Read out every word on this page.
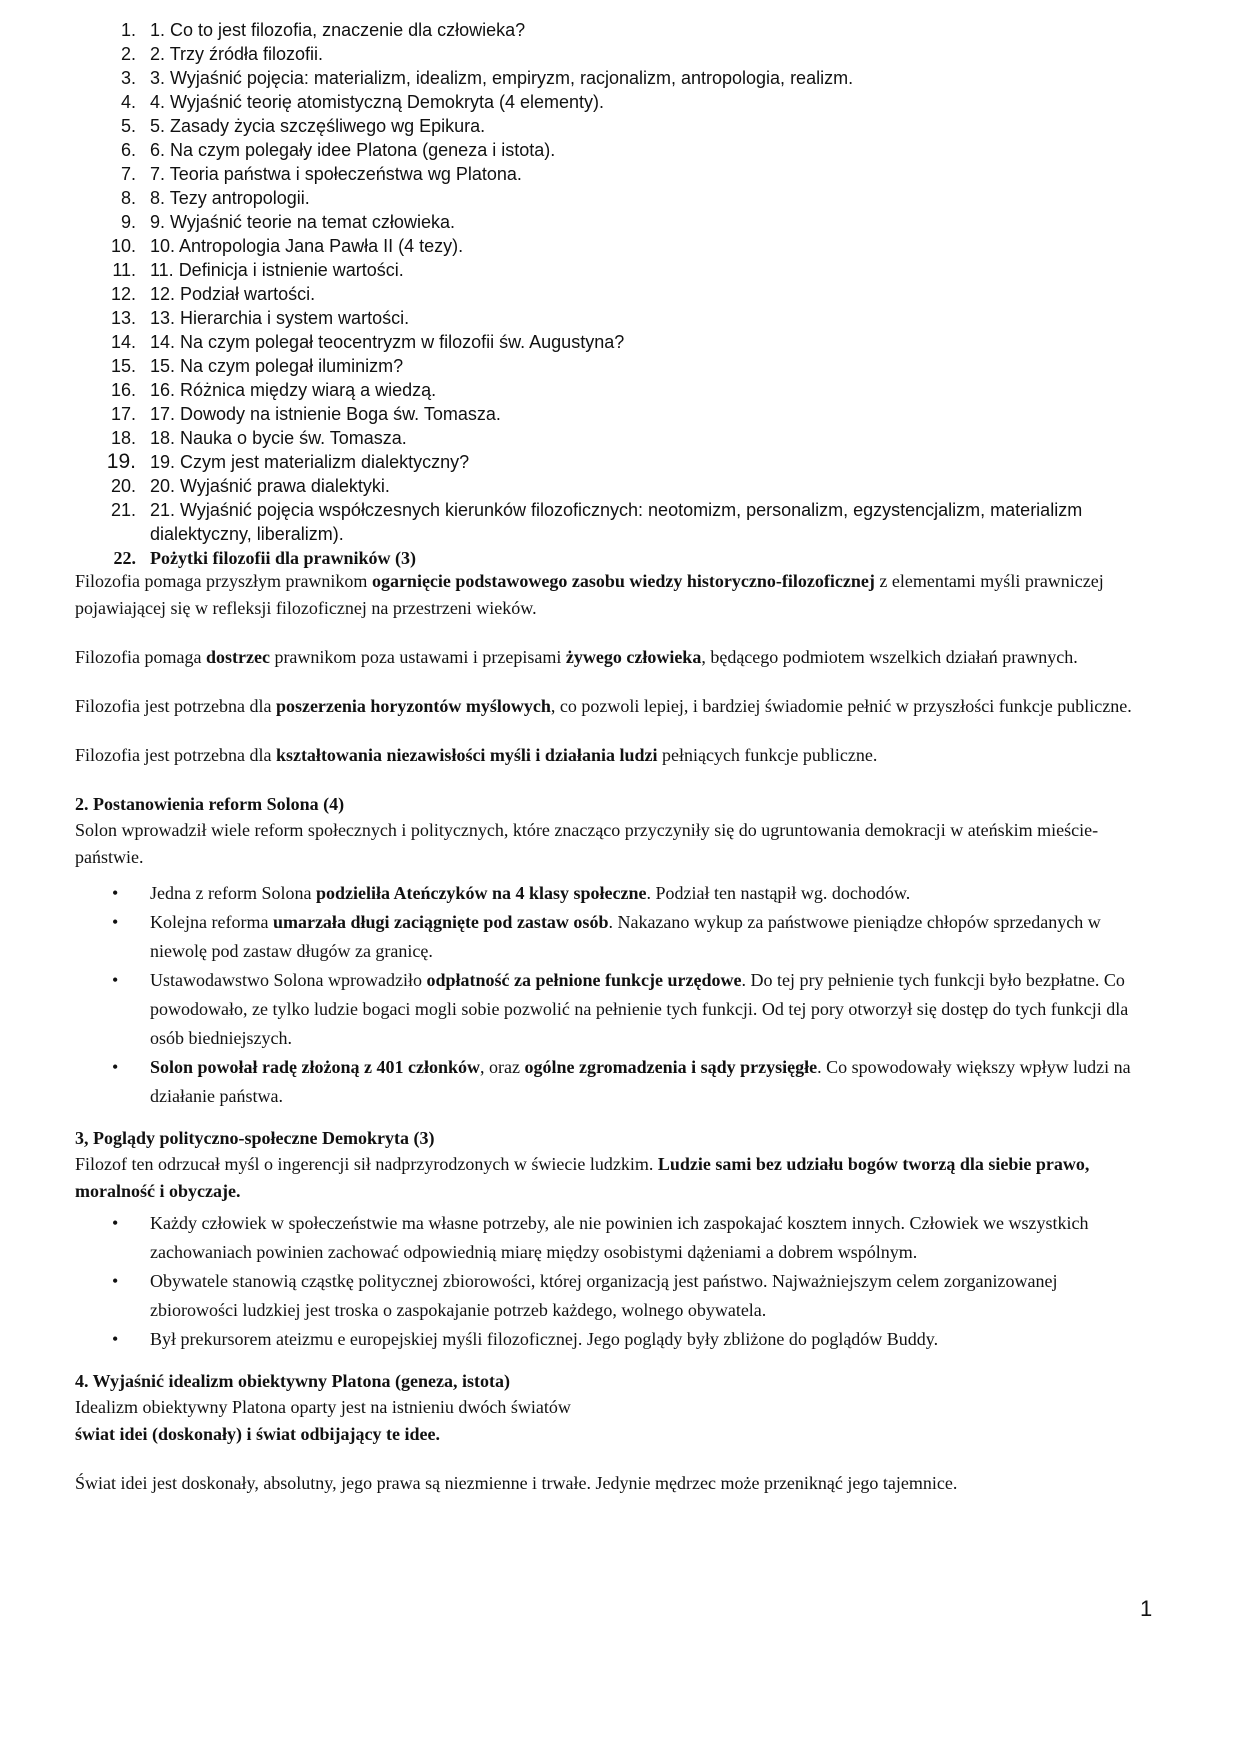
1. 1. Co to jest filozofia, znaczenie dla człowieka?
2. 2. Trzy źródła filozofii.
3. 3. Wyjaśnić pojęcia: materializm, idealizm, empiryzm, racjonalizm, antropologia, realizm.
4. 4. Wyjaśnić teorię atomistyczną Demokryta (4 elementy).
5. 5. Zasady życia szczęśliwego wg Epikura.
6. 6. Na czym polegały idee Platona (geneza i istota).
7. 7. Teoria państwa i społeczeństwa wg Platona.
8. 8. Tezy antropologii.
9. 9. Wyjaśnić teorie na temat człowieka.
10. 10. Antropologia Jana Pawła II (4 tezy).
11. 11. Definicja i istnienie wartości.
12. 12. Podział wartości.
13. 13. Hierarchia i system wartości.
14. 14. Na czym polegał teocentryzm w filozofii św. Augustyna?
15. 15. Na czym polegał iluminizm?
16. 16. Różnica między wiarą a wiedzą.
17. 17. Dowody na istnienie Boga św. Tomasza.
18. 18. Nauka o bycie św. Tomasza.
19. 19. Czym jest materializm dialektyczny?
20. 20. Wyjaśnić prawa dialektyki.
21. 21. Wyjaśnić pojęcia współczesnych kierunków filozoficznych: neotomizm, personalizm, egzystencjalizm, materializm dialektyczny, liberalizm).
22. Pożytki filozofii dla prawników (3)

Filozofia pomaga przyszłym prawnikom ogarnięcie podstawowego zasobu wiedzy historyczno-filozoficznej z elementami myśli prawniczej pojawiającej się w refleksji filozoficznej na przestrzeni wieków.

Filozofia pomaga dostrzec prawnikom poza ustawami i przepisami żywego człowieka, będącego podmiotem wszelkich działań prawnych.

Filozofia jest potrzebna dla poszerzenia horyzontów myślowych, co pozwoli lepiej, i bardziej świadomie pełnić w przyszłości funkcje publiczne.

Filozofia jest potrzebna dla kształtowania niezawisłości myśli i działania ludzi pełniących funkcje publiczne.

2. Postanowienia reform Solona (4)

Solon wprowadził wiele reform społecznych i politycznych, które znacząco przyczyniły się do ugruntowania demokracji w ateńskim mieście-państwie.

• Jedna z reform Solona podzieliła Ateńczyków na 4 klasy społeczne. Podział ten nastąpił wg. dochodów.
• Kolejna reforma umarzała długi zaciągnięte pod zastaw osób. Nakazano wykup za państwowe pieniądze chłopów sprzedanych w niewolę pod zastaw długów za granicę.
• Ustawodawstwo Solona wprowadziło odpłatność za pełnione funkcje urzędowe. Do tej pry pełnienie tych funkcji było bezpłatne. Co powodowało, ze tylko ludzie bogaci mogli sobie pozwolić na pełnienie tych funkcji. Od tej pory otworzył się dostęp do tych funkcji dla osób biedniejszych.
• Solon powołał radę złożoną z 401 członków, oraz ogólne zgromadzenia i sądy przysięgłe. Co spowodowały większy wpływ ludzi na działanie państwa.

3, Poglądy polityczno-społeczne Demokryta (3)

Filozof ten odrzucał myśl o ingerencji sił nadprzyrodzonych w świecie ludzkim. Ludzie sami bez udziału bogów tworzą dla siebie prawo, moralność i obyczaje.

• Każdy człowiek w społeczeństwie ma własne potrzeby, ale nie powinien ich zaspokajać kosztem innych. Człowiek we wszystkich zachowaniach powinien zachować odpowiednią miarę między osobistymi dążeniami a dobrem wspólnym.
• Obywatele stanowią cząstkę politycznej zbiorowości, której organizacją jest państwo. Najważniejszym celem zorganizowanej zbiorowości ludzkiej jest troska o zaspokajanie potrzeb każdego, wolnego obywatela.
• Był prekursorem ateizmu e europejskiej myśli filozoficznej. Jego poglądy były zbliżone do poglądów Buddy.

4. Wyjaśnić idealizm obiektywny Platona (geneza, istota)

Idealizm obiektywny Platona oparty jest na istnieniu dwóch światów

świat idei (doskonały) i świat odbijający te idee.

Świat idei jest doskonały, absolutny, jego prawa są niezmienne i trwałe. Jedynie mędrzec może przeniknąć jego tajemnice.

1
